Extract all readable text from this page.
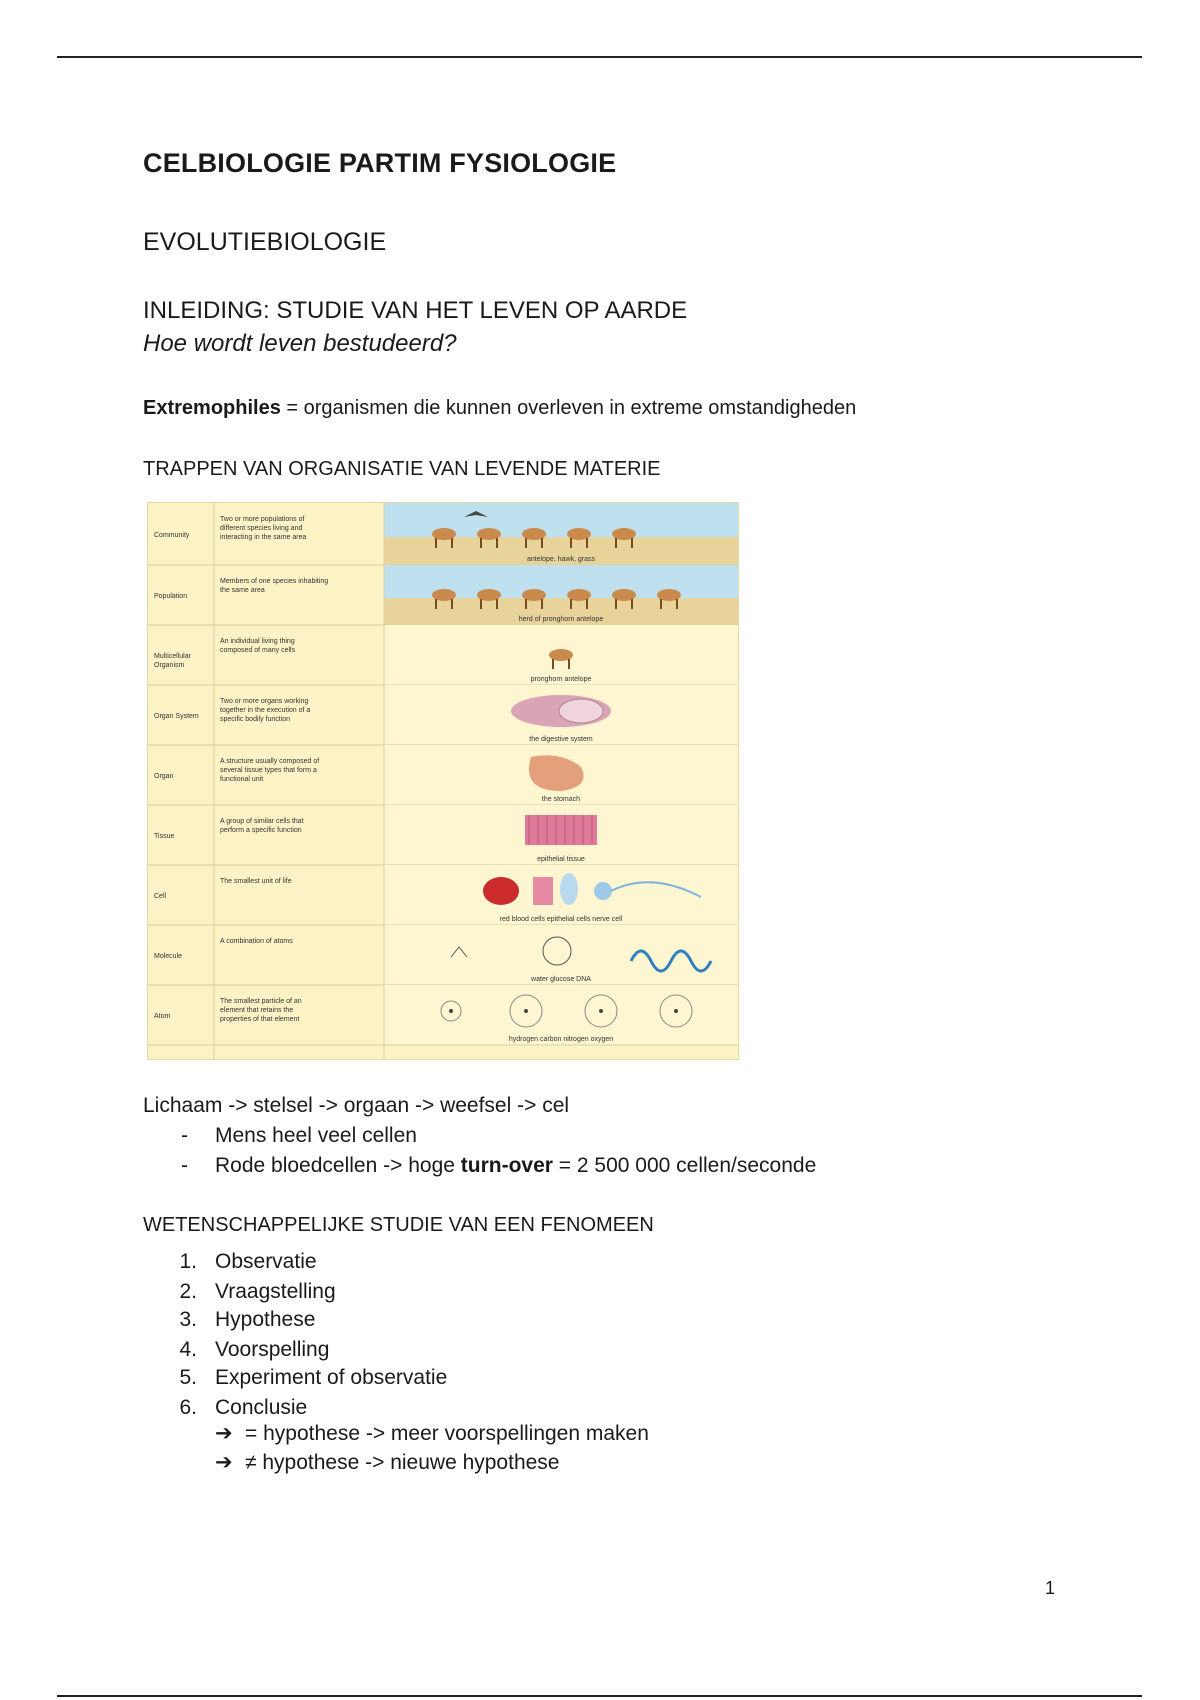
CELBIOLOGIE PARTIM FYSIOLOGIE
EVOLUTIEBIOLOGIE
INLEIDING: STUDIE VAN HET LEVEN OP AARDE
Hoe wordt leven bestudeerd?
Extremophiles = organismen die kunnen overleven in extreme omstandigheden
TRAPPEN VAN ORGANISATIE VAN LEVENDE MATERIE
Community
Two or more populations of
different species living and
interacting in the same area
antelope, hawk, grass
Population
Members of one species inhabiting
the same area
herd of pronghorn antelope
Multicellular
Organism
An individual living thing
composed of many cells
pronghorn antelope
Organ System
Two or more organs working
together in the execution of a
specific bodily function
the digestive system
Organ
A structure usually composed of
several tissue types that form a
functional unit
the stomach
Tissue
A group of similar cells that
perform a specific function
epithelial tissue
Cell
The smallest unit of life
red blood cells epithelial cells nerve cell
Molecule
A combination of atoms
water glucose DNA
Atom
The smallest particle of an
element that retains the
properties of that element
hydrogen carbon nitrogen oxygen
Lichaam -> stelsel -> orgaan -> weefsel -> cel
- Mens heel veel cellen
- Rode bloedcellen -> hoge turn-over = 2 500 000 cellen/seconde
WETENSCHAPPELIJKE STUDIE VAN EEN FENOMEEN
1. Observatie
2. Vraagstelling
3. Hypothese
4. Voorspelling
5. Experiment of observatie
6. Conclusie
➔ = hypothese -> meer voorspellingen maken
➔ ≠ hypothese -> nieuwe hypothese
1
